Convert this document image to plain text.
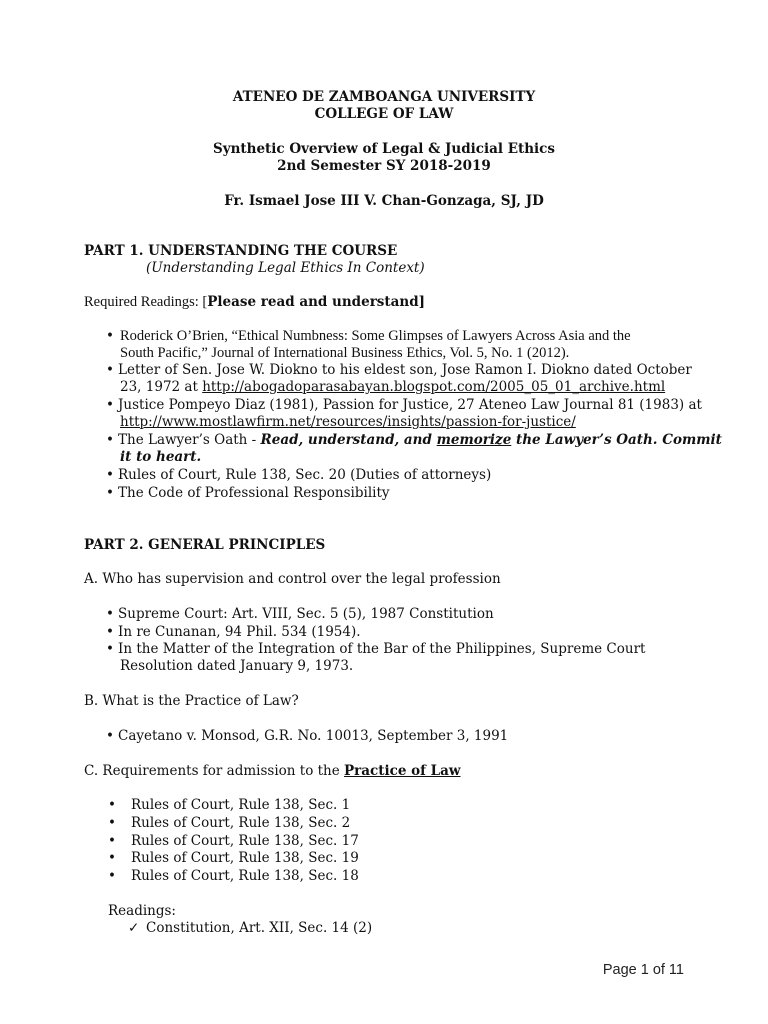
ATENEO DE ZAMBOANGA UNIVERSITY
COLLEGE OF LAW
Synthetic Overview of Legal & Judicial Ethics
2nd Semester SY 2018-2019
Fr. Ismael Jose III V. Chan-Gonzaga, SJ, JD
PART 1. UNDERSTANDING THE COURSE
(Understanding Legal Ethics In Context)
Required Readings: [Please read and understand]
• Roderick O’Brien, “Ethical Numbness: Some Glimpses of Lawyers Across Asia and the
South Pacific,” Journal of International Business Ethics, Vol. 5, No. 1 (2012).
• Letter of Sen. Jose W. Diokno to his eldest son, Jose Ramon I. Diokno dated October
23, 1972 at http://abogadoparasabayan.blogspot.com/2005_05_01_archive.html
• Justice Pompeyo Diaz (1981), Passion for Justice, 27 Ateneo Law Journal 81 (1983) at
http://www.mostlawfirm.net/resources/insights/passion-for-justice/
• The Lawyer’s Oath - Read, understand, and memorize the Lawyer’s Oath. Commit
it to heart.
• Rules of Court, Rule 138, Sec. 20 (Duties of attorneys)
• The Code of Professional Responsibility
PART 2. GENERAL PRINCIPLES
A. Who has supervision and control over the legal profession
• Supreme Court: Art. VIII, Sec. 5 (5), 1987 Constitution
• In re Cunanan, 94 Phil. 534 (1954).
• In the Matter of the Integration of the Bar of the Philippines, Supreme Court
Resolution dated January 9, 1973.
B. What is the Practice of Law?
• Cayetano v. Monsod, G.R. No. 10013, September 3, 1991
C. Requirements for admission to the Practice of Law
• Rules of Court, Rule 138, Sec. 1
• Rules of Court, Rule 138, Sec. 2
• Rules of Court, Rule 138, Sec. 17
• Rules of Court, Rule 138, Sec. 19
• Rules of Court, Rule 138, Sec. 18
Readings:
✓ Constitution, Art. XII, Sec. 14 (2)
Page 1 of 11
